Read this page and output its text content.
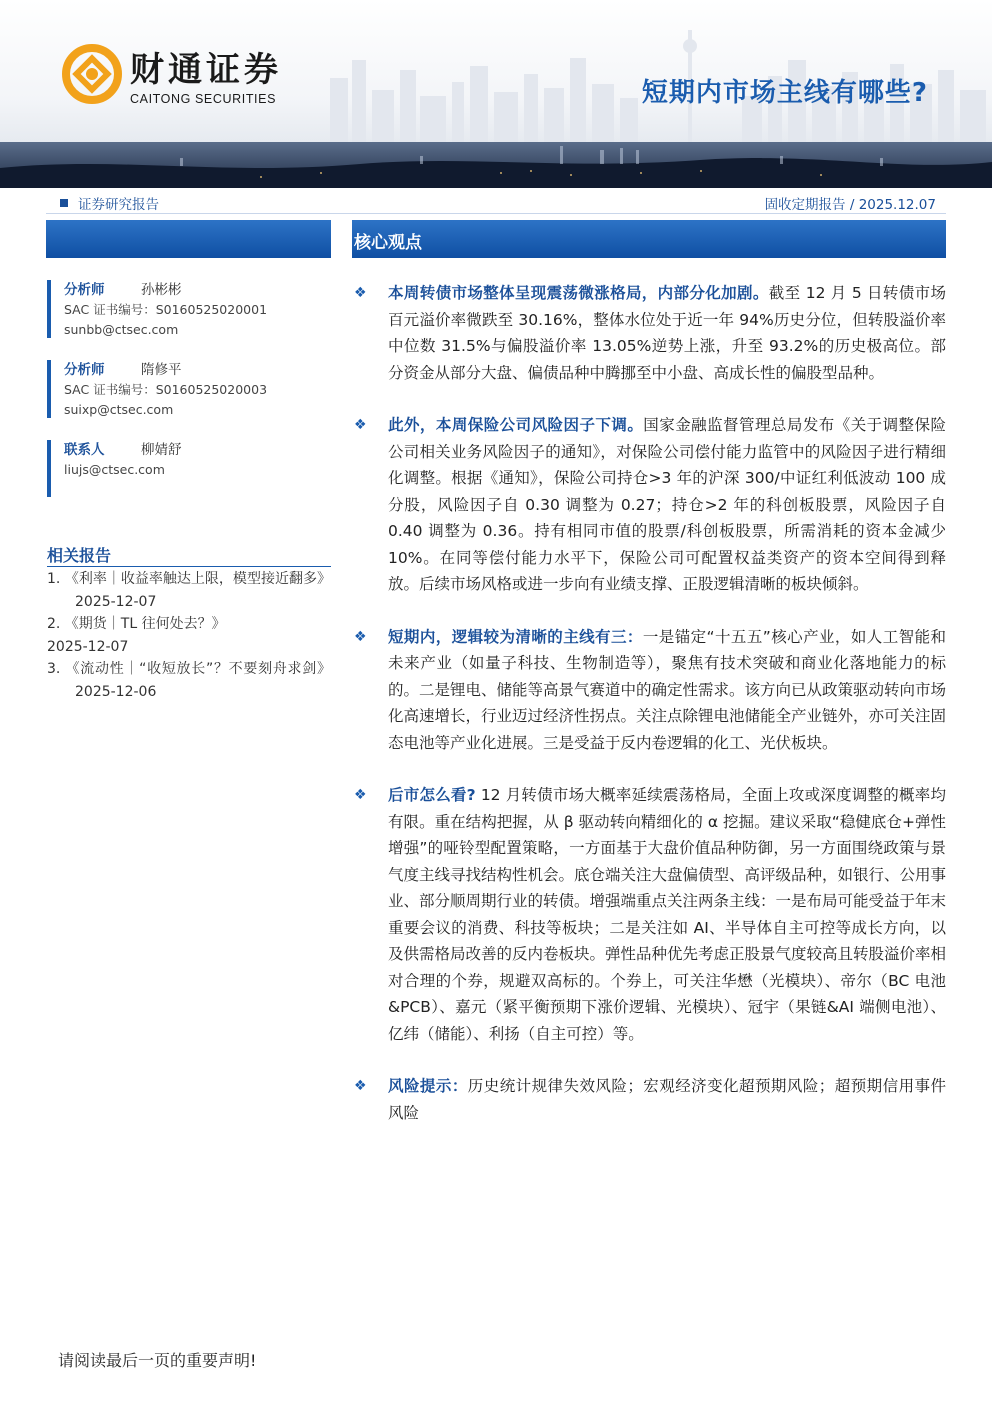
财通证券
CAITONG SECURITIES	短期内市场主线有哪些?
证券研究报告	固收定期报告 / 2025.12.07
核心观点
分析师	孙彬彬
SAC 证书编号：S0160525020001
sunbb@ctsec.com
分析师	隋修平
SAC 证书编号：S0160525020003
suixp@ctsec.com
联系人	柳婧舒
liujs@ctsec.com
相关报告
1. 《利率｜收益率触达上限，模型接近翻多》2025-12-07
2. 《期货｜TL 往何处去？》
2025-12-07
3. 《流动性｜“收短放长”？不要刻舟求剑》2025-12-06
❖ 本周转债市场整体呈现震荡微涨格局，内部分化加剧。截至 12 月 5 日转债市场百元溢价率微跌至 30.16%，整体水位处于近一年 94%历史分位，但转股溢价率中位数 31.5%与偏股溢价率 13.05%逆势上涨，升至 93.2%的历史极高位。部分资金从部分大盘、偏债品种中腾挪至中小盘、高成长性的偏股型品种。
❖ 此外，本周保险公司风险因子下调。国家金融监督管理总局发布《关于调整保险公司相关业务风险因子的通知》，对保险公司偿付能力监管中的风险因子进行精细化调整。根据《通知》，保险公司持仓>3 年的沪深 300/中证红利低波动 100 成分股，风险因子自 0.30 调整为 0.27；持仓>2 年的科创板股票，风险因子自 0.40 调整为 0.36。持有相同市值的股票/科创板股票，所需消耗的资本金减少 10%。在同等偿付能力水平下，保险公司可配置权益类资产的资本空间得到释放。后续市场风格或进一步向有业绩支撑、正股逻辑清晰的板块倾斜。
❖ 短期内，逻辑较为清晰的主线有三：一是锚定“十五五”核心产业，如人工智能和未来产业（如量子科技、生物制造等），聚焦有技术突破和商业化落地能力的标的。二是锂电、储能等高景气赛道中的确定性需求。该方向已从政策驱动转向市场化高速增长，行业迈过经济性拐点。关注点除锂电池储能全产业链外，亦可关注固态电池等产业化进展。三是受益于反内卷逻辑的化工、光伏板块。
❖ 后市怎么看? 12 月转债市场大概率延续震荡格局，全面上攻或深度调整的概率均有限。重在结构把握，从 β 驱动转向精细化的 α 挖掘。建议采取“稳健底仓+弹性增强”的哑铃型配置策略，一方面基于大盘价值品种防御，另一方面围绕政策与景气度主线寻找结构性机会。底仓端关注大盘偏债型、高评级品种，如银行、公用事业、部分顺周期行业的转债。增强端重点关注两条主线：一是布局可能受益于年末重要会议的消费、科技等板块；二是关注如 AI、半导体自主可控等成长方向，以及供需格局改善的反内卷板块。弹性品种优先考虑正股景气度较高且转股溢价率相对合理的个券，规避双高标的。个券上，可关注华懋（光模块）、帝尔（BC 电池&PCB）、嘉元（紧平衡预期下涨价逻辑、光模块）、冠宇（果链&AI 端侧电池）、亿纬（储能）、利扬（自主可控）等。
❖ 风险提示：历史统计规律失效风险；宏观经济变化超预期风险；超预期信用事件风险
请阅读最后一页的重要声明!
